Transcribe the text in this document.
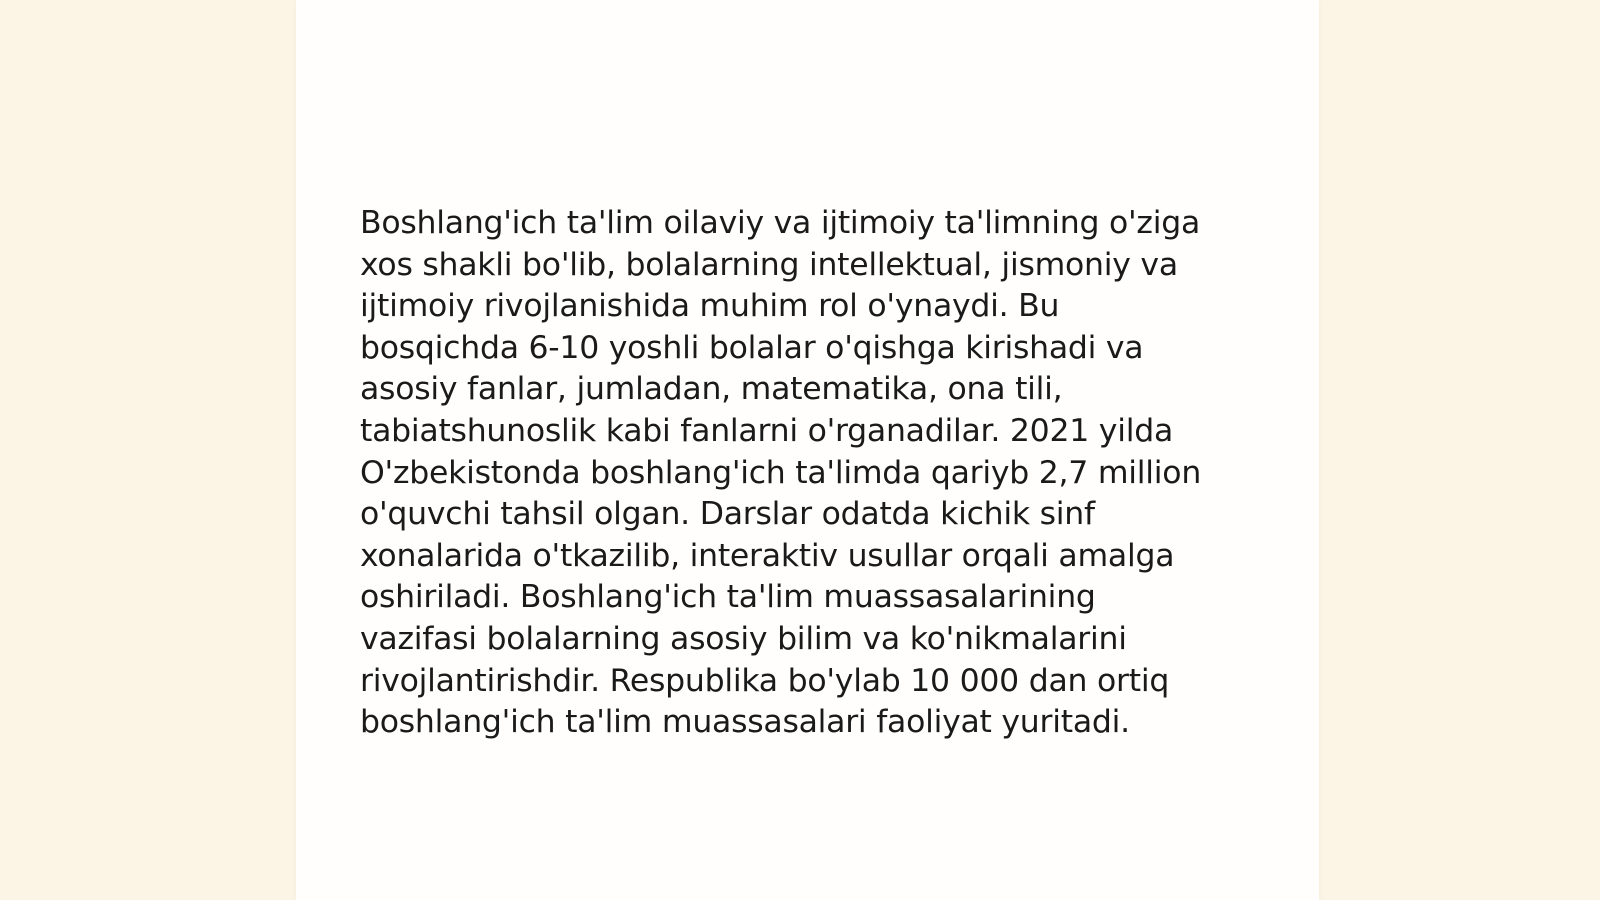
Boshlang'ich ta'lim oilaviy va ijtimoiy ta'limning o'ziga
xos shakli bo'lib, bolalarning intellektual, jismoniy va
ijtimoiy rivojlanishida muhim rol o'ynaydi. Bu
bosqichda 6-10 yoshli bolalar o'qishga kirishadi va
asosiy fanlar, jumladan, matematika, ona tili,
tabiatshunoslik kabi fanlarni o'rganadilar. 2021 yilda
O'zbekistonda boshlang'ich ta'limda qariyb 2,7 million
o'quvchi tahsil olgan. Darslar odatda kichik sinf
xonalarida o'tkazilib, interaktiv usullar orqali amalga
oshiriladi. Boshlang'ich ta'lim muassasalarining
vazifasi bolalarning asosiy bilim va ko'nikmalarini
rivojlantirishdir. Respublika bo'ylab 10 000 dan ortiq
boshlang'ich ta'lim muassasalari faoliyat yuritadi.
